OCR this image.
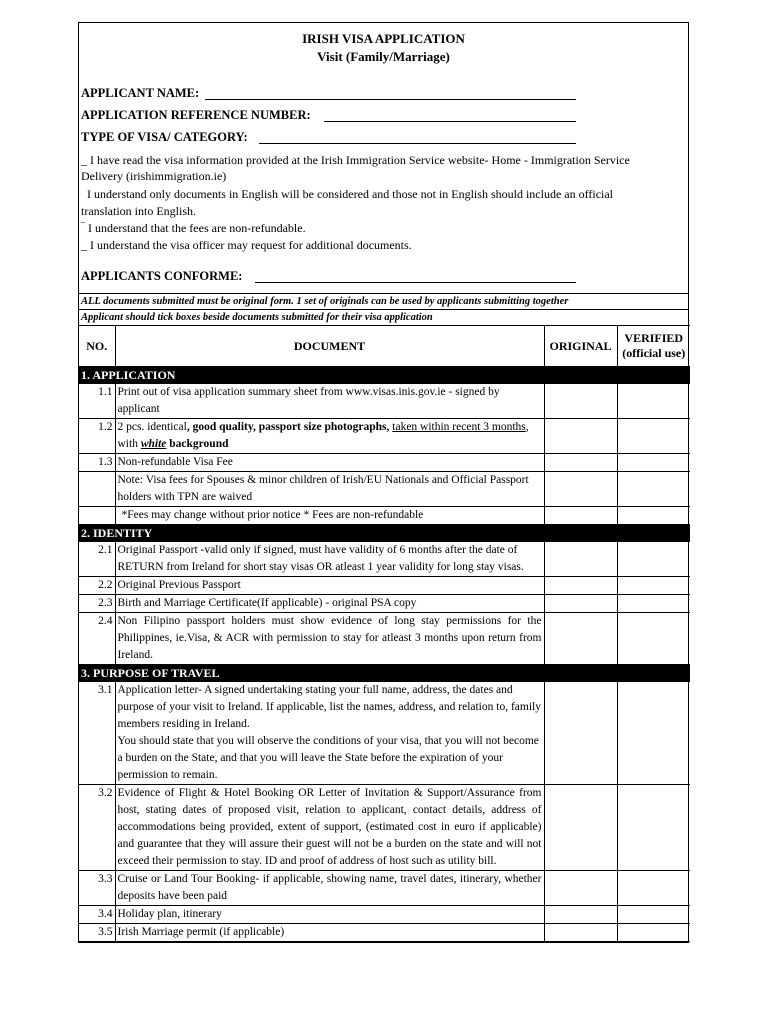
IRISH VISA APPLICATION
Visit (Family/Marriage)
APPLICANT NAME:
APPLICATION REFERENCE NUMBER:
TYPE OF VISA/ CATEGORY:
_ I have read the visa information provided at the Irish Immigration Service website- Home - Immigration Service
Delivery (irishimmigration.ie)
I understand only documents in English will be considered and those not in English should include an official
translation into English.
‾ I understand that the fees are non-refundable.
_ I understand the visa officer may request for additional documents.
APPLICANTS CONFORME:
ALL documents submitted must be original form. 1 set of originals can be used by applicants submitting together
Applicant should tick boxes beside documents submitted for their visa application
NO.	DOCUMENT	ORIGINAL	VERIFIED (official use)
1. APPLICATION			
1.1	Print out of visa application summary sheet from www.visas.inis.gov.ie - signed by applicant		
1.2	2 pcs. identical, good quality, passport size photographs, taken within recent 3 months, with white background		
1.3	Non-refundable Visa Fee		
	Note: Visa fees for Spouses & minor children of Irish/EU Nationals and Official Passport holders with TPN are waived		
	*Fees may change without prior notice * Fees are non-refundable		
2. IDENTITY			
2.1	Original Passport -valid only if signed, must have validity of 6 months after the date of RETURN from Ireland for short stay visas OR atleast 1 year validity for long stay visas.		
2.2	Original Previous Passport		
2.3	Birth and Marriage Certificate(If applicable) - original PSA copy		
2.4	Non Filipino passport holders must show evidence of long stay permissions for the Philippines, ie.Visa, & ACR with permission to stay for atleast 3 months upon return from Ireland.		
3. PURPOSE OF TRAVEL			
3.1	Application letter- A signed undertaking stating your full name, address, the dates and purpose of your visit to Ireland. If applicable, list the names, address, and relation to, family members residing in Ireland.
You should state that you will observe the conditions of your visa, that you will not become a burden on the State, and that you will leave the State before the expiration of your permission to remain.		

3.2	Evidence of Flight & Hotel Booking OR Letter of Invitation & Support/Assurance from host, stating dates of proposed visit, relation to applicant, contact details, address of accommodations being provided, extent of support, (estimated cost in euro if applicable) and guarantee that they will assure their guest will not be a burden on the state and will not exceed their permission to stay. ID and proof of address of host such as utility bill.		
3.3	Cruise or Land Tour Booking- if applicable, showing name, travel dates, itinerary, whether deposits have been paid		
3.4	Holiday plan, itinerary		
3.5	Irish Marriage permit (if applicable)		
